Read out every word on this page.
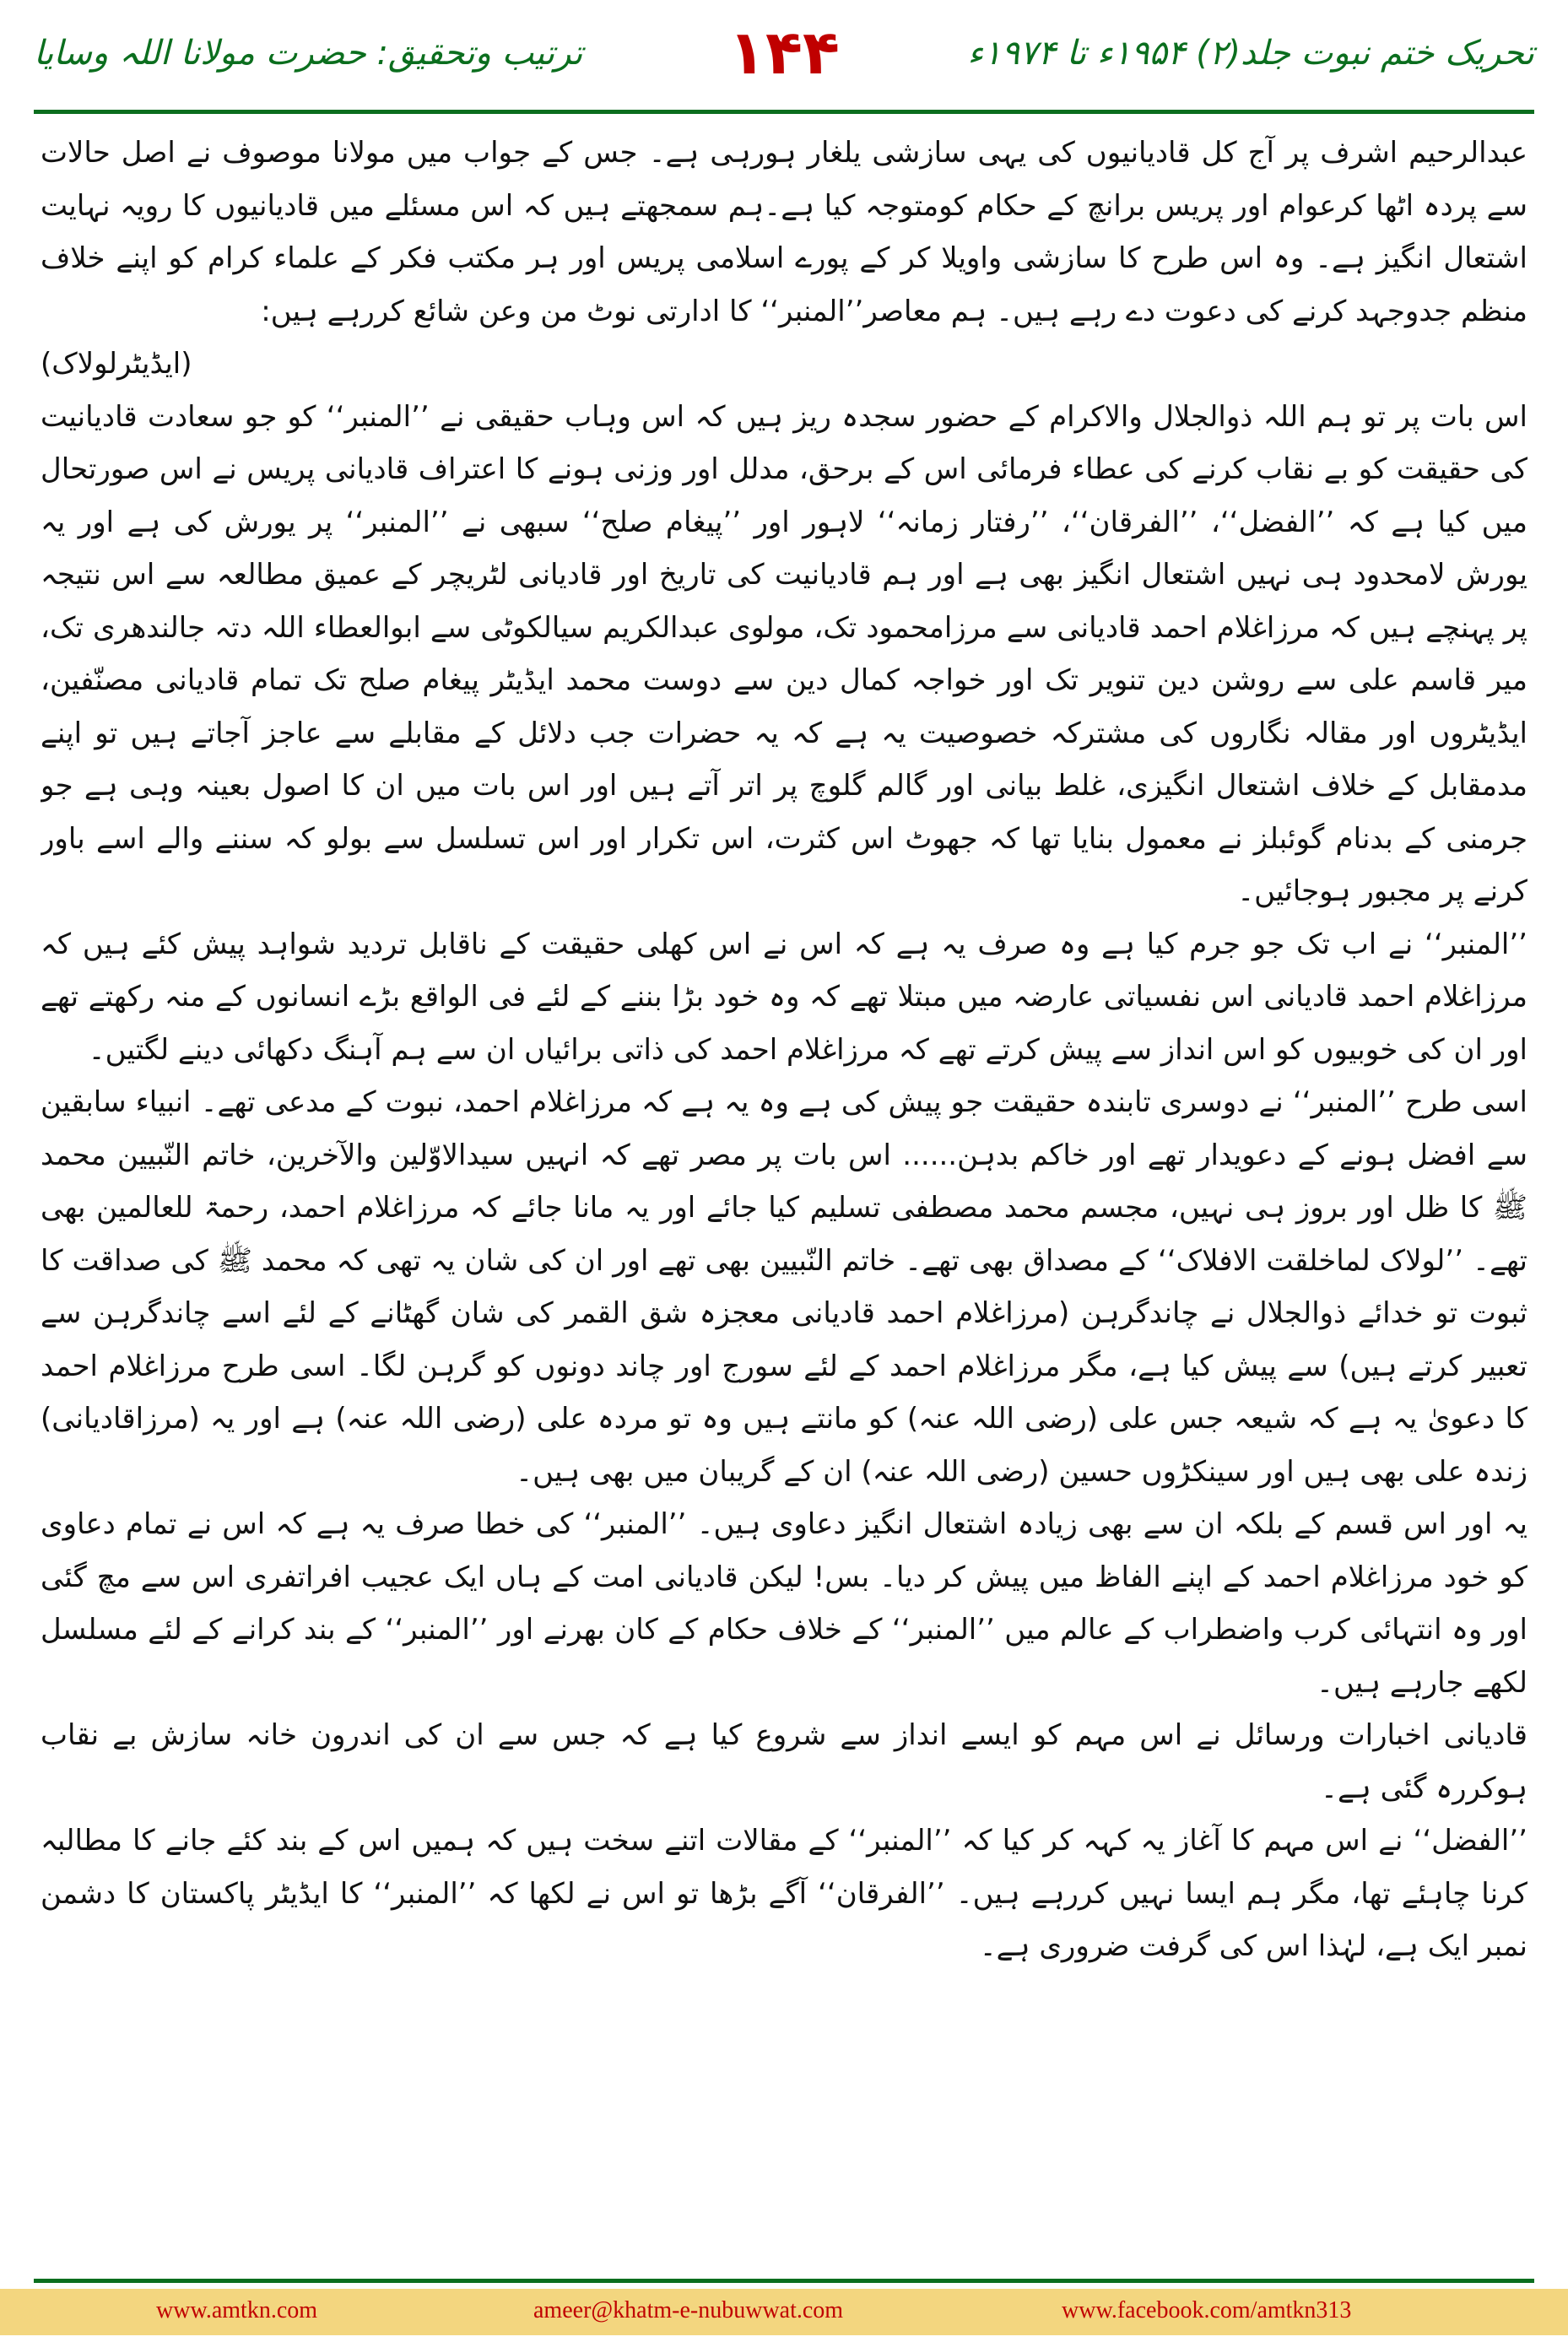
تحریک ختم نبوت جلد(۲) ۱۹۵۴ء تا ۱۹۷۴ء
۱۴۴
ترتیب وتحقیق: حضرت مولانا اللہ وسایا

عبدالرحیم اشرف پر آج کل قادیانیوں کی یہی سازشی یلغار ہورہی ہے۔ جس کے جواب میں مولانا موصوف نے اصل حالات سے پردہ اٹھا کرعوام اور پریس برانچ کے حکام کومتوجہ کیا ہے۔ہم سمجھتے ہیں کہ اس مسئلے میں قادیانیوں کا رویہ نہایت اشتعال انگیز ہے۔ وہ اس طرح کا سازشی واویلا کر کے پورے اسلامی پریس اور ہر مکتب فکر کے علماء کرام کو اپنے خلاف منظم جدوجہد کرنے کی دعوت دے رہے ہیں۔ ہم معاصر’’المنبر‘‘ کا ادارتی نوٹ من وعن شائع کررہے ہیں:

(ایڈیٹرلولاک)

اس بات پر تو ہم اللہ ذوالجلال والاکرام کے حضور سجدہ ریز ہیں کہ اس وہاب حقیقی نے ’’المنبر‘‘ کو جو سعادت قادیانیت کی حقیقت کو بے نقاب کرنے کی عطاء فرمائی اس کے برحق، مدلل اور وزنی ہونے کا اعتراف قادیانی پریس نے اس صورتحال میں کیا ہے کہ ’’الفضل‘‘، ’’الفرقان‘‘، ’’رفتار زمانہ‘‘ لاہور اور ’’پیغام صلح‘‘ سبھی نے ’’المنبر‘‘ پر یورش کی ہے اور یہ یورش لامحدود ہی نہیں اشتعال انگیز بھی ہے اور ہم قادیانیت کی تاریخ اور قادیانی لٹریچر کے عمیق مطالعہ سے اس نتیجہ پر پہنچے ہیں کہ مرزاغلام احمد قادیانی سے مرزامحمود تک، مولوی عبدالکریم سیالکوٹی سے ابوالعطاء اللہ دتہ جالندھری تک، میر قاسم علی سے روشن دین تنویر تک اور خواجہ کمال دین سے دوست محمد ایڈیٹر پیغام صلح تک تمام قادیانی مصنّفین، ایڈیٹروں اور مقالہ نگاروں کی مشترکہ خصوصیت یہ ہے کہ یہ حضرات جب دلائل کے مقابلے سے عاجز آجاتے ہیں تو اپنے مدمقابل کے خلاف اشتعال انگیزی، غلط بیانی اور گالم گلوچ پر اتر آتے ہیں اور اس بات میں ان کا اصول بعینہ وہی ہے جو جرمنی کے بدنام گوئبلز نے معمول بنایا تھا کہ جھوٹ اس کثرت، اس تکرار اور اس تسلسل سے بولو کہ سننے والے اسے باور کرنے پر مجبور ہوجائیں۔

’’المنبر‘‘ نے اب تک جو جرم کیا ہے وہ صرف یہ ہے کہ اس نے اس کھلی حقیقت کے ناقابل تردید شواہد پیش کئے ہیں کہ مرزاغلام احمد قادیانی اس نفسیاتی عارضہ میں مبتلا تھے کہ وہ خود بڑا بننے کے لئے فی الواقع بڑے انسانوں کے منہ رکھتے تھے اور ان کی خوبیوں کو اس انداز سے پیش کرتے تھے کہ مرزاغلام احمد کی ذاتی برائیاں ان سے ہم آہنگ دکھائی دینے لگتیں۔

اسی طرح ’’المنبر‘‘ نے دوسری تابندہ حقیقت جو پیش کی ہے وہ یہ ہے کہ مرزاغلام احمد، نبوت کے مدعی تھے۔ انبیاء سابقین سے افضل ہونے کے دعویدار تھے اور خاکم بدہن...... اس بات پر مصر تھے کہ انہیں سیدالاوّلین والآخرین، خاتم النّبیین محمد ﷺ کا ظل اور بروز ہی نہیں، مجسم محمد مصطفی تسلیم کیا جائے اور یہ مانا جائے کہ مرزاغلام احمد، رحمۃ للعالمین بھی تھے۔ ’’لولاک لماخلقت الافلاک‘‘ کے مصداق بھی تھے۔ خاتم النّبیین بھی تھے اور ان کی شان یہ تھی کہ محمد ﷺ کی صداقت کا ثبوت تو خدائے ذوالجلال نے چاندگرہن (مرزاغلام احمد قادیانی معجزہ شق القمر کی شان گھٹانے کے لئے اسے چاندگرہن سے تعبیر کرتے ہیں) سے پیش کیا ہے، مگر مرزاغلام احمد کے لئے سورج اور چاند دونوں کو گرہن لگا۔ اسی طرح مرزاغلام احمد کا دعویٰ یہ ہے کہ شیعہ جس علی (رضی اللہ عنہ) کو مانتے ہیں وہ تو مردہ علی (رضی اللہ عنہ) ہے اور یہ (مرزاقادیانی) زندہ علی بھی ہیں اور سینکڑوں حسین (رضی اللہ عنہ) ان کے گریبان میں بھی ہیں۔

یہ اور اس قسم کے بلکہ ان سے بھی زیادہ اشتعال انگیز دعاوی ہیں۔ ’’المنبر‘‘ کی خطا صرف یہ ہے کہ اس نے تمام دعاوی کو خود مرزاغلام احمد کے اپنے الفاظ میں پیش کر دیا۔ بس! لیکن قادیانی امت کے ہاں ایک عجیب افراتفری اس سے مچ گئی اور وہ انتہائی کرب واضطراب کے عالم میں ’’المنبر‘‘ کے خلاف حکام کے کان بھرنے اور ’’المنبر‘‘ کے بند کرانے کے لئے مسلسل لکھے جارہے ہیں۔

قادیانی اخبارات ورسائل نے اس مہم کو ایسے انداز سے شروع کیا ہے کہ جس سے ان کی اندرون خانہ سازش بے نقاب ہوکررہ گئی ہے۔

’’الفضل‘‘ نے اس مہم کا آغاز یہ کہہ کر کیا کہ ’’المنبر‘‘ کے مقالات اتنے سخت ہیں کہ ہمیں اس کے بند کئے جانے کا مطالبہ کرنا چاہئے تھا، مگر ہم ایسا نہیں کررہے ہیں۔ ’’الفرقان‘‘ آگے بڑھا تو اس نے لکھا کہ ’’المنبر‘‘ کا ایڈیٹر پاکستان کا دشمن نمبر ایک ہے، لہٰذا اس کی گرفت ضروری ہے۔

www.amtkn.com	ameer@khatm-e-nubuwwat.com	www.facebook.com/amtkn313
